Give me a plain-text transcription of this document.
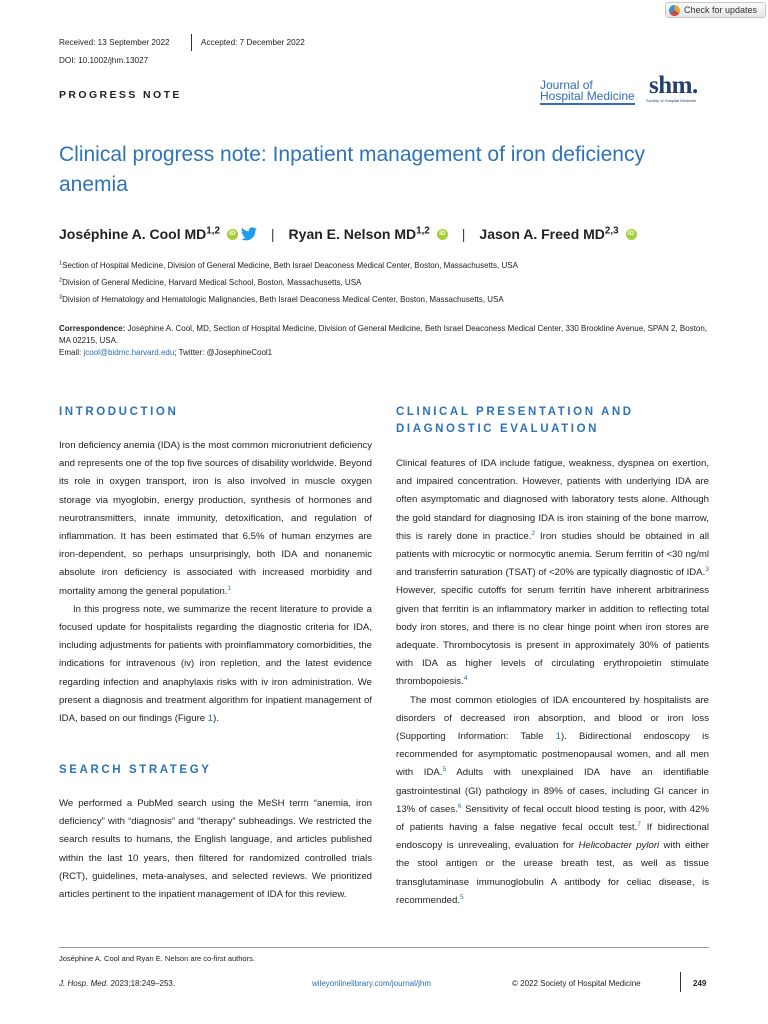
Check for updates
Received: 13 September 2022	Accepted: 7 December 2022
DOI: 10.1002/jhm.13027
PROGRESS NOTE
Journal of
Hospital Medicine shm.
Society of Hospital Medicine
Clinical progress note: Inpatient management of iron deficiency anemia
Joséphine A. Cool MD$^{1,2}$	iD	| Ryan E. Nelson MD$^{1,2}$	iD | Jason A. Freed MD$^{2,3}$	iD
$^1$Section of Hospital Medicine, Division of General Medicine, Beth Israel Deaconess Medical Center, Boston, Massachusetts, USA
$^2$Division of General Medicine, Harvard Medical School, Boston, Massachusetts, USA
$^3$Division of Hematology and Hematologic Malignancies, Beth Israel Deaconess Medical Center, Boston, Massachusetts, USA
Correspondence: Joséphine A. Cool, MD, Section of Hospital Medicine, Division of General Medicine, Beth Israel Deaconess Medical Center, 330 Brookline Avenue, SPAN 2, Boston, MA 02215, USA.
Email: jcool@bidmc.harvard.edu; Twitter: @JosephineCool1
INTRODUCTION

Iron deficiency anemia (IDA) is the most common micronutrient deficiency and represents one of the top five sources of disability worldwide. Beyond its role in oxygen transport, iron is also involved in muscle oxygen storage via myoglobin, energy production, synthesis of hormones and neurotransmitters, innate immunity, detoxification, and regulation of inflammation. It has been estimated that 6.5% of human enzymes are iron-dependent, so perhaps unsurprisingly, both IDA and nonanemic absolute iron deficiency is associated with increased morbidity and mortality among the general population.$^1$

In this progress note, we summarize the recent literature to provide a focused update for hospitalists regarding the diagnostic criteria for IDA, including adjustments for patients with proinflammatory comorbidities, the indications for intravenous (iv) iron repletion, and the latest evidence regarding infection and anaphylaxis risks with iv iron administration. We present a diagnosis and treatment algorithm for inpatient management of IDA, based on our findings (Figure 1).

SEARCH STRATEGY

We performed a PubMed search using the MeSH term “anemia, iron deficiency” with “diagnosis” and “therapy” subheadings. We restricted the search results to humans, the English language, and articles published within the last 10 years, then filtered for randomized controlled trials (RCT), guidelines, meta-analyses, and selected reviews. We prioritized articles pertinent to the inpatient management of IDA for this review.

CLINICAL PRESENTATION AND
DIAGNOSTIC EVALUATION

Clinical features of IDA include fatigue, weakness, dyspnea on exertion, and impaired concentration. However, patients with underlying IDA are often asymptomatic and diagnosed with laboratory tests alone. Although the gold standard for diagnosing IDA is iron staining of the bone marrow, this is rarely done in practice.$^2$ Iron studies should be obtained in all patients with microcytic or normocytic anemia. Serum ferritin of <30 ng/ml and transferrin saturation (TSAT) of <20% are typically diagnostic of IDA.$^3$ However, specific cutoffs for serum ferritin have inherent arbitrariness given that ferritin is an inflammatory marker in addition to reflecting total body iron stores, and there is no clear hinge point when iron stores are adequate. Thrombocytosis is present in approximately 30% of patients with IDA as higher levels of circulating erythropoietin stimulate thrombopoiesis.$^4$

The most common etiologies of IDA encountered by hospitalists are disorders of decreased iron absorption, and blood or iron loss (Supporting Information: Table 1). Bidirectional endoscopy is recommended for asymptomatic postmenopausal women, and all men with IDA.$^5$ Adults with unexplained IDA have an identifiable gastrointestinal (GI) pathology in 89% of cases, including GI cancer in 13% of cases.$^6$ Sensitivity of fecal occult blood testing is poor, with 42% of patients having a false negative fecal occult test.$^7$ If bidirectional endoscopy is unrevealing, evaluation for Helicobacter pylori with either the stool antigen or the urease breath test, as well as tissue transglutaminase immunoglobulin A antibody for celiac disease, is recommended.$^5$

Joséphine A. Cool and Ryan E. Nelson are co-first authors.
J. Hosp. Med. 2023;18:249–253.	wileyonlinelibrary.com/journal/jhm	© 2022 Society of Hospital Medicine	249
